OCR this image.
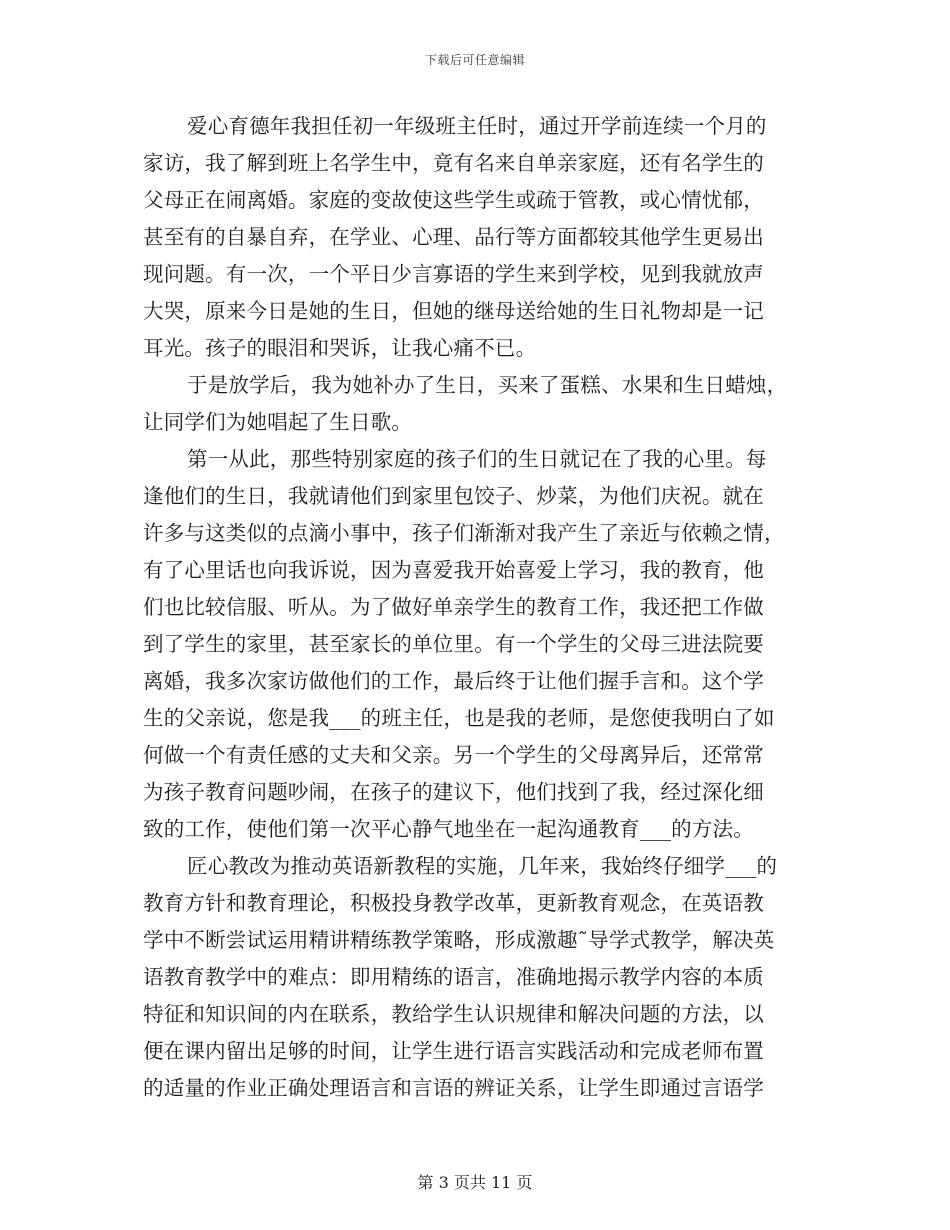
下载后可任意编辑
爱心育德年我担任初一年级班主任时，通过开学前连续一个月的
家访，我了解到班上名学生中，竟有名来自单亲家庭，还有名学生的
父母正在闹离婚。家庭的变故使这些学生或疏于管教，或心情忧郁，
甚至有的自暴自弃，在学业、心理、品行等方面都较其他学生更易出
现问题。有一次，一个平日少言寡语的学生来到学校，见到我就放声
大哭，原来今日是她的生日，但她的继母送给她的生日礼物却是一记
耳光。孩子的眼泪和哭诉，让我心痛不已。
于是放学后，我为她补办了生日，买来了蛋糕、水果和生日蜡烛，
让同学们为她唱起了生日歌。
第一从此，那些特别家庭的孩子们的生日就记在了我的心里。每
逢他们的生日，我就请他们到家里包饺子、炒菜，为他们庆祝。就在
许多与这类似的点滴小事中，孩子们渐渐对我产生了亲近与依赖之情，
有了心里话也向我诉说，因为喜爱我开始喜爱上学习，我的教育，他
们也比较信服、听从。为了做好单亲学生的教育工作，我还把工作做
到了学生的家里，甚至家长的单位里。有一个学生的父母三进法院要
离婚，我多次家访做他们的工作，最后终于让他们握手言和。这个学
生的父亲说，您是我___的班主任，也是我的老师，是您使我明白了如
何做一个有责任感的丈夫和父亲。另一个学生的父母离异后，还常常
为孩子教育问题吵闹，在孩子的建议下，他们找到了我，经过深化细
致的工作，使他们第一次平心静气地坐在一起沟通教育___的方法。
匠心教改为推动英语新教程的实施，几年来，我始终仔细学___的
教育方针和教育理论，积极投身教学改革，更新教育观念，在英语教
学中不断尝试运用精讲精练教学策略，形成激趣˜导学式教学，解决英
语教育教学中的难点：即用精练的语言，准确地揭示教学内容的本质
特征和知识间的内在联系，教给学生认识规律和解决问题的方法，以
便在课内留出足够的时间，让学生进行语言实践活动和完成老师布置
的适量的作业正确处理语言和言语的辨证关系，让学生即通过言语学
第 3 页共 11 页
